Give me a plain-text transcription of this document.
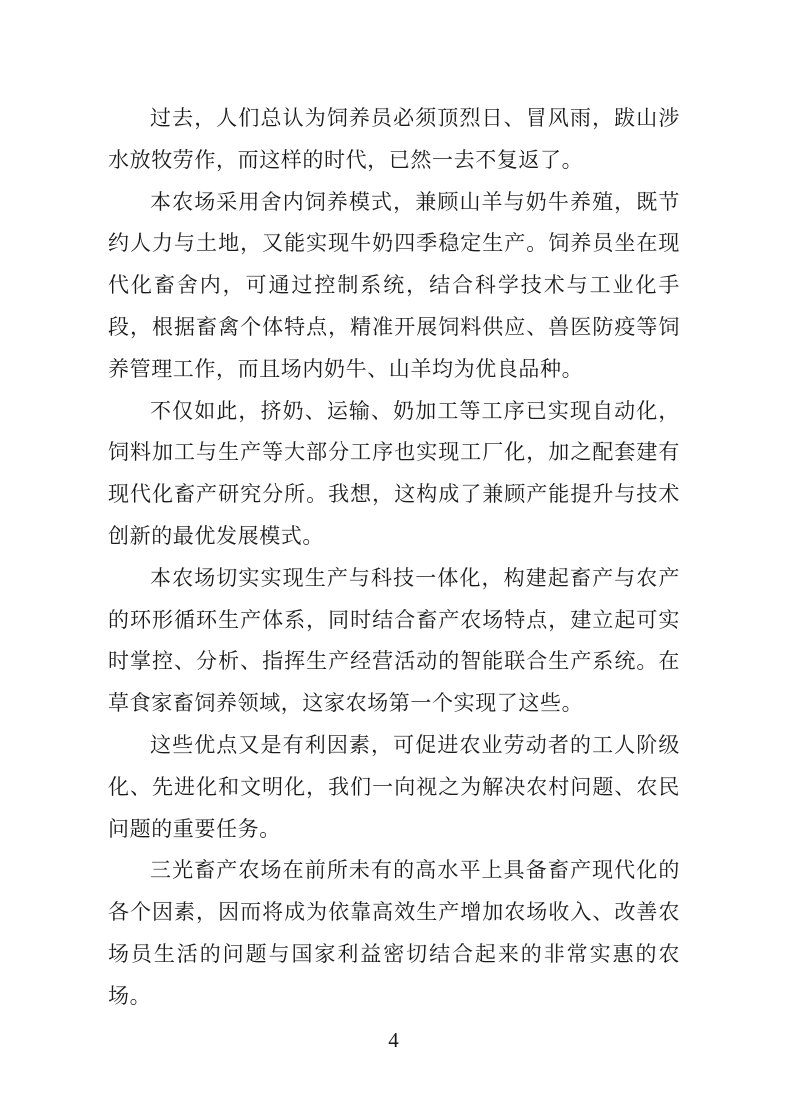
过去，人们总认为饲养员必须顶烈日、冒风雨，跋山涉水放牧劳作，而这样的时代，已然一去不复返了。

本农场采用舍内饲养模式，兼顾山羊与奶牛养殖，既节约人力与土地，又能实现牛奶四季稳定生产。饲养员坐在现代化畜舍内，可通过控制系统，结合科学技术与工业化手段，根据畜禽个体特点，精准开展饲料供应、兽医防疫等饲养管理工作，而且场内奶牛、山羊均为优良品种。

不仅如此，挤奶、运输、奶加工等工序已实现自动化，饲料加工与生产等大部分工序也实现工厂化，加之配套建有现代化畜产研究分所。我想，这构成了兼顾产能提升与技术创新的最优发展模式。

本农场切实实现生产与科技一体化，构建起畜产与农产的环形循环生产体系，同时结合畜产农场特点，建立起可实时掌控、分析、指挥生产经营活动的智能联合生产系统。在草食家畜饲养领域，这家农场第一个实现了这些。

这些优点又是有利因素，可促进农业劳动者的工人阶级化、先进化和文明化，我们一向视之为解决农村问题、农民问题的重要任务。

三光畜产农场在前所未有的高水平上具备畜产现代化的各个因素，因而将成为依靠高效生产增加农场收入、改善农场员生活的问题与国家利益密切结合起来的非常实惠的农场。

4
